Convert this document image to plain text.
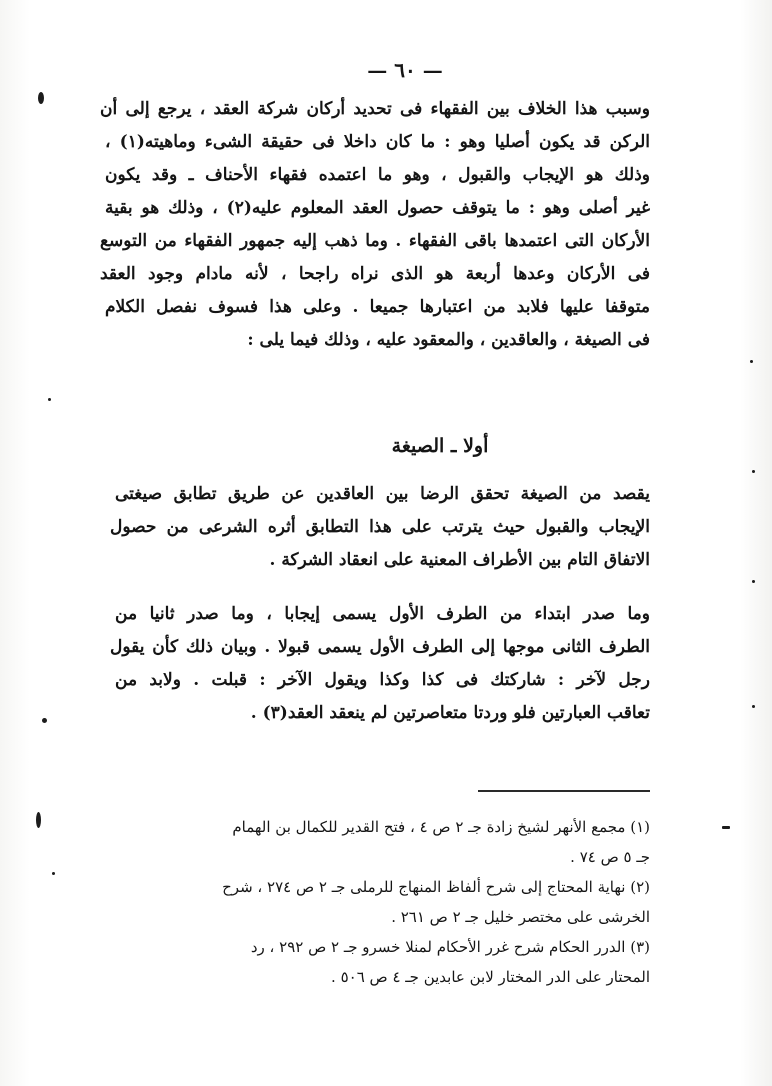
— ٦٠ —
وسبب هذا الخلاف بين الفقهاء فى تحديد أركان شركة العقد ، يرجع إلى أن
الركن قد يكون أصليا وهو : ما كان داخلا فى حقيقة الشىء وماهيته(١) ،
وذلك هو الإيجاب والقبول ، وهو ما اعتمده فقهاء الأحناف ـ وقد يكون
غير أصلى وهو : ما يتوقف حصول العقد المعلوم عليه(٢) ، وذلك هو بقية
الأركان التى اعتمدها باقى الفقهاء . وما ذهب إليه جمهور الفقهاء من التوسع
فى الأركان وعدها أربعة هو الذى نراه راجحا ، لأنه مادام وجود العقد
متوقفا عليها فلابد من اعتبارها جميعا . وعلى هذا فسوف نفصل الكلام
فى الصيغة ، والعاقدين ، والمعقود عليه ، وذلك فيما يلى :
أولا ـ الصيغة
يقصد من الصيغة تحقق الرضا بين العاقدين عن طريق تطابق صيغتى
الإيجاب والقبول حيث يترتب على هذا التطابق أثره الشرعى من حصول
الاتفاق التام بين الأطراف المعنية على انعقاد الشركة .
وما صدر ابتداء من الطرف الأول يسمى إيجابا ، وما صدر ثانيا من
الطرف الثانى موجها إلى الطرف الأول يسمى قبولا . وبيان ذلك كأن يقول
رجل لآخر : شاركتك فى كذا وكذا ويقول الآخر : قبلت . ولابد من
تعاقب العبارتين فلو وردتا متعاصرتين لم ينعقد العقد(٣) .
(١) مجمع الأنهر لشيخ زادة جـ ٢ ص ٤ ، فتح القدير للكمال بن الهمام
جـ ٥ ص ٧٤ .
(٢) نهاية المحتاج إلى شرح ألفاظ المنهاج للرملى جـ ٢ ص ٢٧٤ ، شرح
الخرشى على مختصر خليل جـ ٢ ص ٢٦١ .
(٣) الدرر الحكام شرح غرر الأحكام لمنلا خسرو جـ ٢ ص ٢٩٢ ، رد
المحتار على الدر المختار لابن عابدين جـ ٤ ص ٥٠٦ .
